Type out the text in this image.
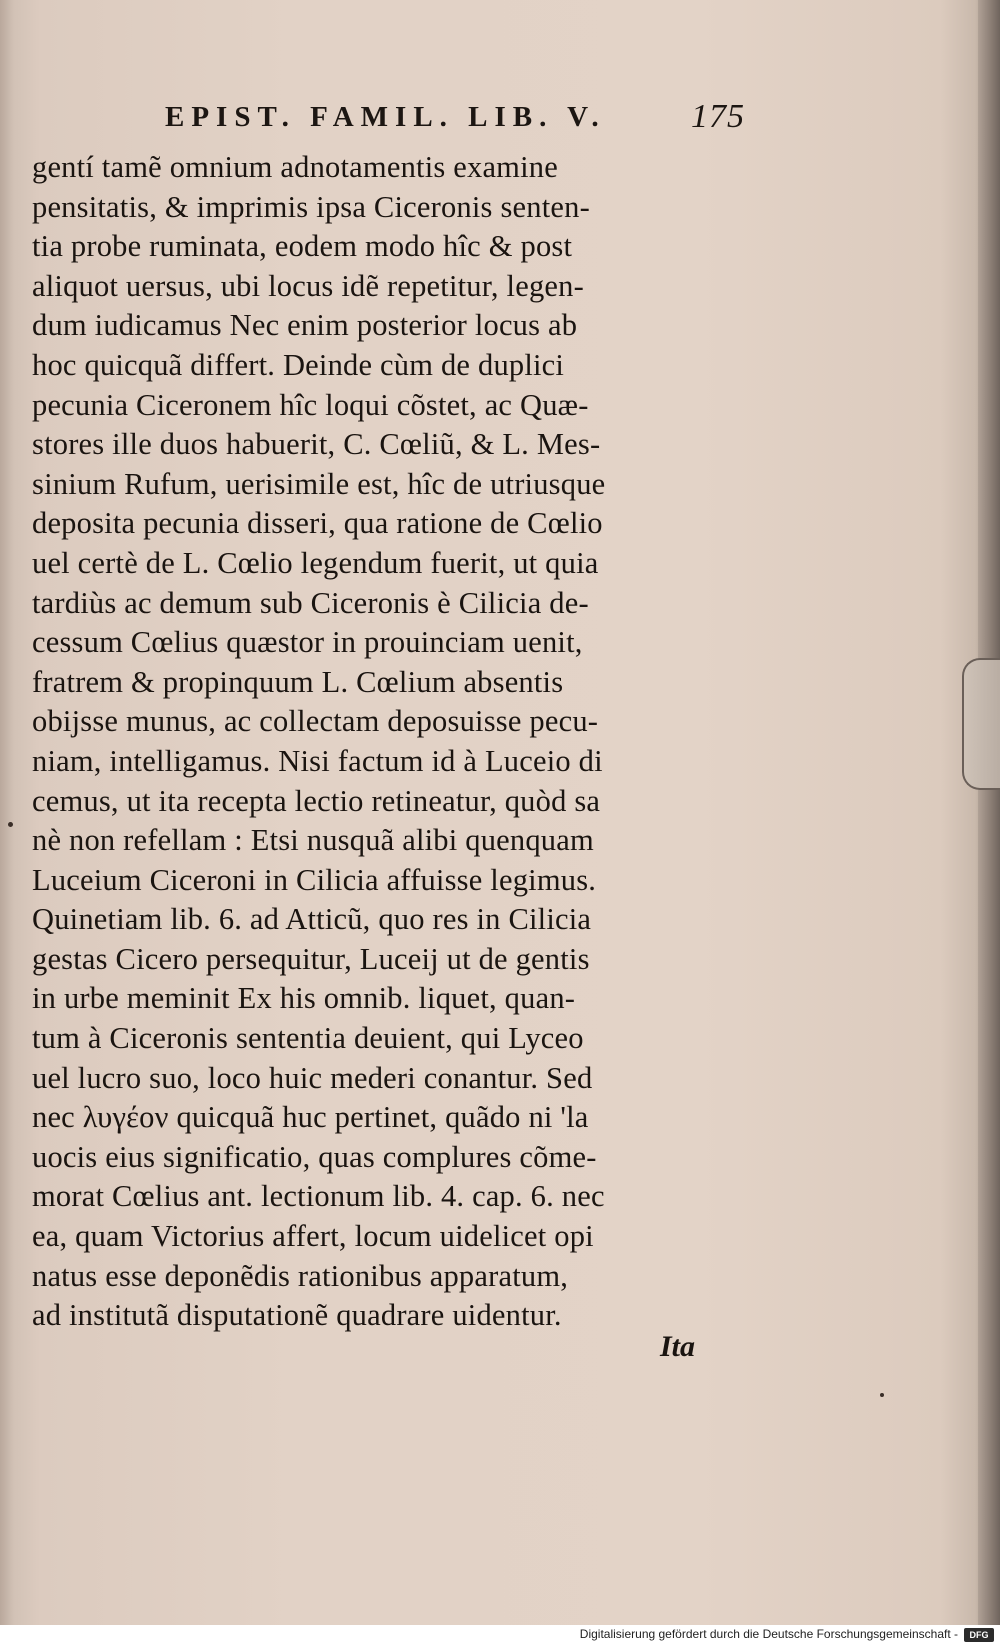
EPIST. FAMIL. LIB. V.	175
gentí tamẽ omnium adnotamentis examine
pensitatis, & imprimis ipsa Ciceronis senten-
tia probe ruminata, eodem modo hîc & post
aliquot uersus, ubi locus idẽ repetitur, legen-
dum iudicamus Nec enim posterior locus ab
hoc quicquã differt. Deinde cùm de duplici
pecunia Ciceronem hîc loqui cõstet, ac Quæ-
stores ille duos habuerit, C. Cœliũ, & L. Mes-
sinium Rufum, uerisimile est, hîc de utriusque
deposita pecunia disseri, qua ratione de Cœlio
uel certè de L. Cœlio legendum fuerit, ut quia
tardiùs ac demum sub Ciceronis è Cilicia de-
cessum Cœlius quæstor in prouinciam uenit,
fratrem & propinquum L. Cœlium absentis
obijsse munus, ac collectam deposuisse pecu-
niam, intelligamus. Nisi factum id à Luceio di
cemus, ut ita recepta lectio retineatur, quòd sa
nè non refellam : Etsi nusquã alibi quenquam
Luceium Ciceroni in Cilicia affuisse legimus.
Quinetiam lib. 6. ad Atticũ, quo res in Cilicia
gestas Cicero persequitur, Luceij ut de gentis
in urbe meminit Ex his omnib. liquet, quan-
tum à Ciceronis sententia deuient, qui Lyceo
uel lucro suo, loco huic mederi conantur. Sed
nec λυγέον quicquã huc pertinet, quãdo ni 'la
uocis eius significatio, quas complures cõme-
morat Cœlius ant. lectionum lib. 4. cap. 6. nec
ea, quam Victorius affert, locum uidelicet opi
natus esse deponẽdis rationibus apparatum,
ad institutã disputationẽ quadrare uidentur.
Ita
Digitalisierung gefördert durch die Deutsche Forschungsgemeinschaft -	DFG
